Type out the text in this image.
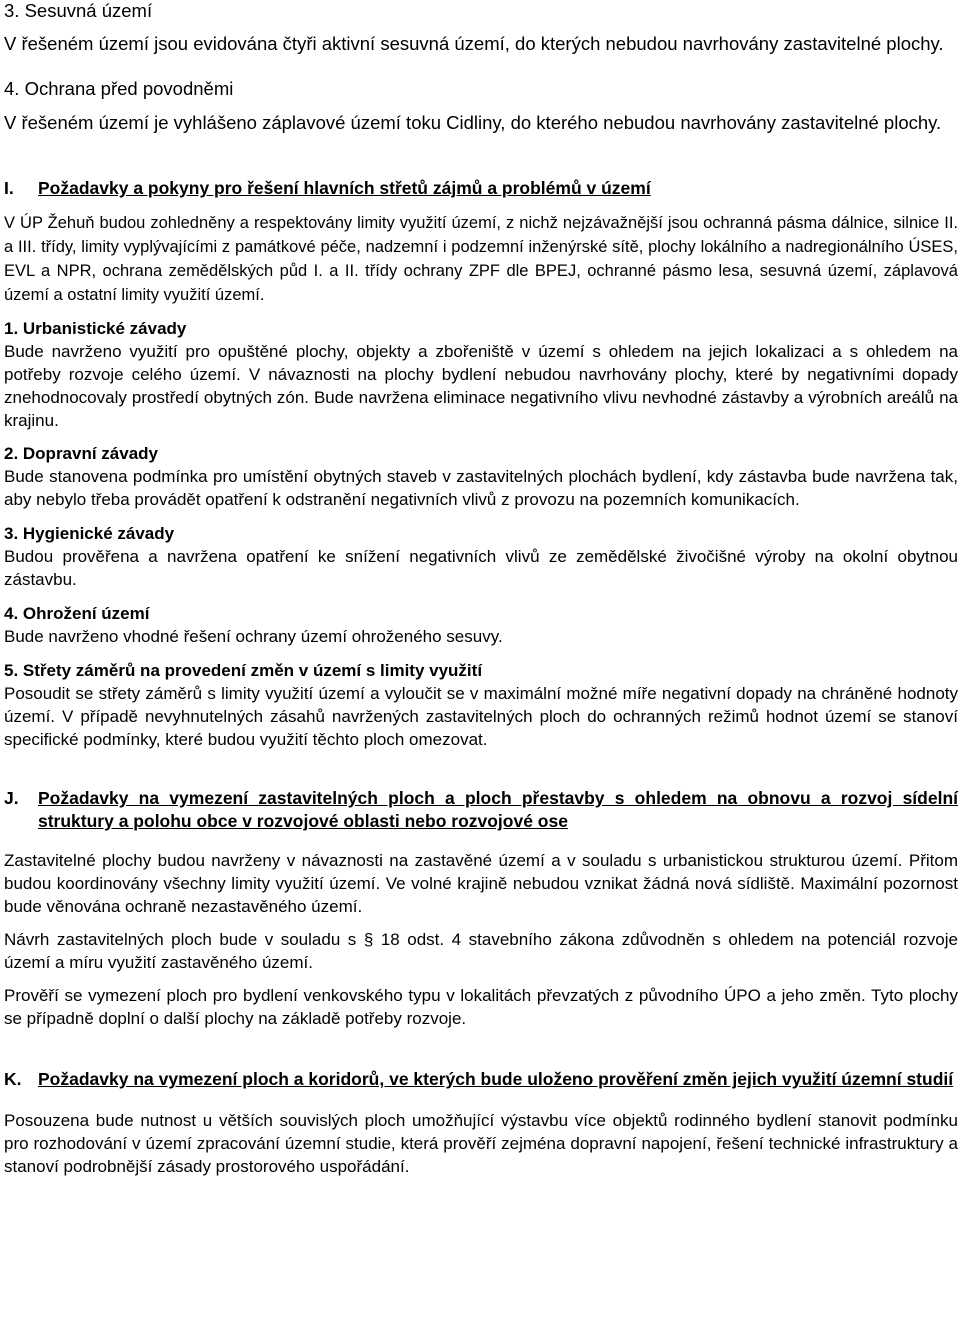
3. Sesuvná území

V řešeném území jsou evidována čtyři aktivní sesuvná území, do kterých nebudou navrhovány zastavitelné plochy.

4. Ochrana před povodněmi

V řešeném území je vyhlášeno záplavové území toku Cidliny, do kterého nebudou navrhovány zastavitelné plochy.

I.	Požadavky a pokyny pro řešení hlavních střetů zájmů a problémů v území

V ÚP Žehuň budou zohledněny a respektovány limity využití území, z nichž nejzávažnější jsou ochranná pásma dálnice, silnice II. a III. třídy, limity vyplývajícími z památkové péče, nadzemní i podzemní inženýrské sítě, plochy lokálního a nadregionálního ÚSES, EVL a NPR, ochrana zemědělských půd I. a II. třídy ochrany ZPF dle BPEJ, ochranné pásmo lesa, sesuvná území, záplavová území a ostatní limity využití území.

1. Urbanistické závady

Bude navrženo využití pro opuštěné plochy, objekty a zbořeniště v území s ohledem na jejich lokalizaci a s ohledem na potřeby rozvoje celého území. V návaznosti na plochy bydlení nebudou navrhovány plochy, které by negativními dopady znehodnocovaly prostředí obytných zón. Bude navržena eliminace negativního vlivu nevhodné zástavby a výrobních areálů na krajinu.

2. Dopravní závady

Bude stanovena podmínka pro umístění obytných staveb v zastavitelných plochách bydlení, kdy zástavba bude navržena tak, aby nebylo třeba provádět opatření k odstranění negativních vlivů z provozu na pozemních komunikacích.

3. Hygienické závady

Budou prověřena a navržena opatření ke snížení negativních vlivů ze zemědělské živočišné výroby na okolní obytnou zástavbu.

4. Ohrožení území

Bude navrženo vhodné řešení ochrany území ohroženého sesuvy.

5. Střety záměrů na provedení změn v území s limity využití

Posoudit se střety záměrů s limity využití území a vyloučit se v maximální možné míře negativní dopady na chráněné hodnoty území. V případě nevyhnutelných zásahů navržených zastavitelných ploch do ochranných režimů hodnot území se stanoví specifické podmínky, které budou využití těchto ploch omezovat.

J.	Požadavky na vymezení zastavitelných ploch a ploch přestavby s ohledem na obnovu a rozvoj sídelní struktury a polohu obce v rozvojové oblasti nebo rozvojové ose

Zastavitelné plochy budou navrženy v návaznosti na zastavěné území a v souladu s urbanistickou strukturou území. Přitom budou koordinovány všechny limity využití území. Ve volné krajině nebudou vznikat žádná nová sídliště. Maximální pozornost bude věnována ochraně nezastavěného území.

Návrh zastavitelných ploch bude v souladu s § 18 odst. 4 stavebního zákona zdůvodněn s ohledem na potenciál rozvoje území a míru využití zastavěného území.

Prověří se vymezení ploch pro bydlení venkovského typu v lokalitách převzatých z původního ÚPO a jeho změn. Tyto plochy se případně doplní o další plochy na základě potřeby rozvoje.

K. Požadavky na vymezení ploch a koridorů, ve kterých bude uloženo prověření změn jejich využití územní studií

Posouzena bude nutnost u větších souvislých ploch umožňující výstavbu více objektů rodinného bydlení stanovit podmínku pro rozhodování v území zpracování územní studie, která prověří zejména dopravní napojení, řešení technické infrastruktury a stanoví podrobnější zásady prostorového uspořádání.
